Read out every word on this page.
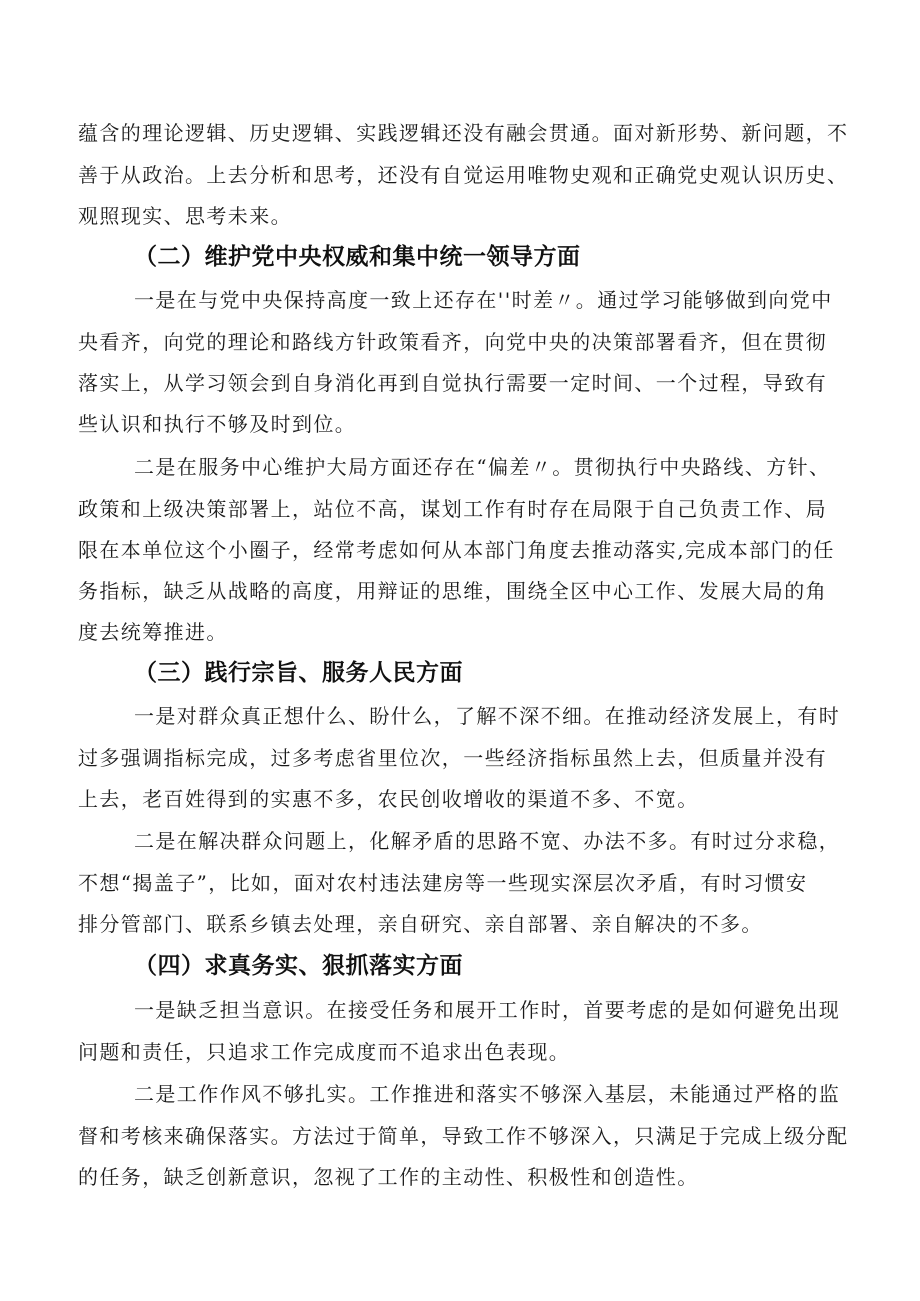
蕴含的理论逻辑、历史逻辑、实践逻辑还没有融会贯通。面对新形势、新问题，不
善于从政治。上去分析和思考，还没有自觉运用唯物史观和正确党史观认识历史、
观照现实、思考未来。
（二）维护党中央权威和集中统一领导方面
一是在与党中央保持高度一致上还存在''时差〃。通过学习能够做到向党中
央看齐，向党的理论和路线方针政策看齐，向党中央的决策部署看齐，但在贯彻
落实上，从学习领会到自身消化再到自觉执行需要一定时间、一个过程，导致有
些认识和执行不够及时到位。
二是在服务中心维护大局方面还存在“偏差〃。贯彻执行中央路线、方针、
政策和上级决策部署上，站位不高，谋划工作有时存在局限于自己负责工作、局
限在本单位这个小圈子，经常考虑如何从本部门角度去推动落实,完成本部门的任
务指标，缺乏从战略的高度，用辩证的思维，围绕全区中心工作、发展大局的角
度去统筹推进。
（三）践行宗旨、服务人民方面
一是对群众真正想什么、盼什么，了解不深不细。在推动经济发展上，有时
过多强调指标完成，过多考虑省里位次，一些经济指标虽然上去，但质量并没有
上去，老百姓得到的实惠不多，农民创收增收的渠道不多、不宽。
二是在解决群众问题上，化解矛盾的思路不宽、办法不多。有时过分求稳，
不想“揭盖子”，比如，面对农村违法建房等一些现实深层次矛盾，有时习惯安
排分管部门、联系乡镇去处理，亲自研究、亲自部署、亲自解决的不多。
（四）求真务实、狠抓落实方面
一是缺乏担当意识。在接受任务和展开工作时，首要考虑的是如何避免出现
问题和责任，只追求工作完成度而不追求出色表现。
二是工作作风不够扎实。工作推进和落实不够深入基层，未能通过严格的监
督和考核来确保落实。方法过于简单，导致工作不够深入，只满足于完成上级分配
的任务，缺乏创新意识，忽视了工作的主动性、积极性和创造性。
